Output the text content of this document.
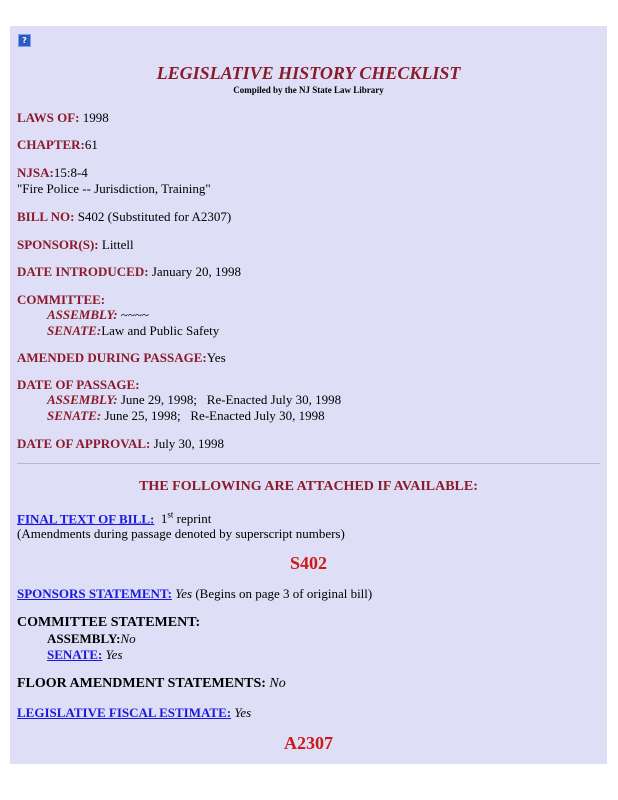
?
LEGISLATIVE HISTORY CHECKLIST
Compiled by the NJ State Law Library
LAWS OF: 1998
CHAPTER:61
NJSA:15:8-4
"Fire Police -- Jurisdiction, Training"
BILL NO: S402 (Substituted for A2307)
SPONSOR(S): Littell
DATE INTRODUCED: January 20, 1998
COMMITTEE:
ASSEMBLY: ~~~~
SENATE:Law and Public Safety
AMENDED DURING PASSAGE:Yes
DATE OF PASSAGE:
ASSEMBLY: June 29, 1998;   Re-Enacted July 30, 1998
SENATE: June 25, 1998;   Re-Enacted July 30, 1998
DATE OF APPROVAL: July 30, 1998
THE FOLLOWING ARE ATTACHED IF AVAILABLE:
FINAL TEXT OF BILL: 1st reprint
(Amendments during passage denoted by superscript numbers)
S402
SPONSORS STATEMENT: Yes (Begins on page 3 of original bill)
COMMITTEE STATEMENT:
ASSEMBLY:No
SENATE: Yes
FLOOR AMENDMENT STATEMENTS: No
LEGISLATIVE FISCAL ESTIMATE: Yes
A2307
